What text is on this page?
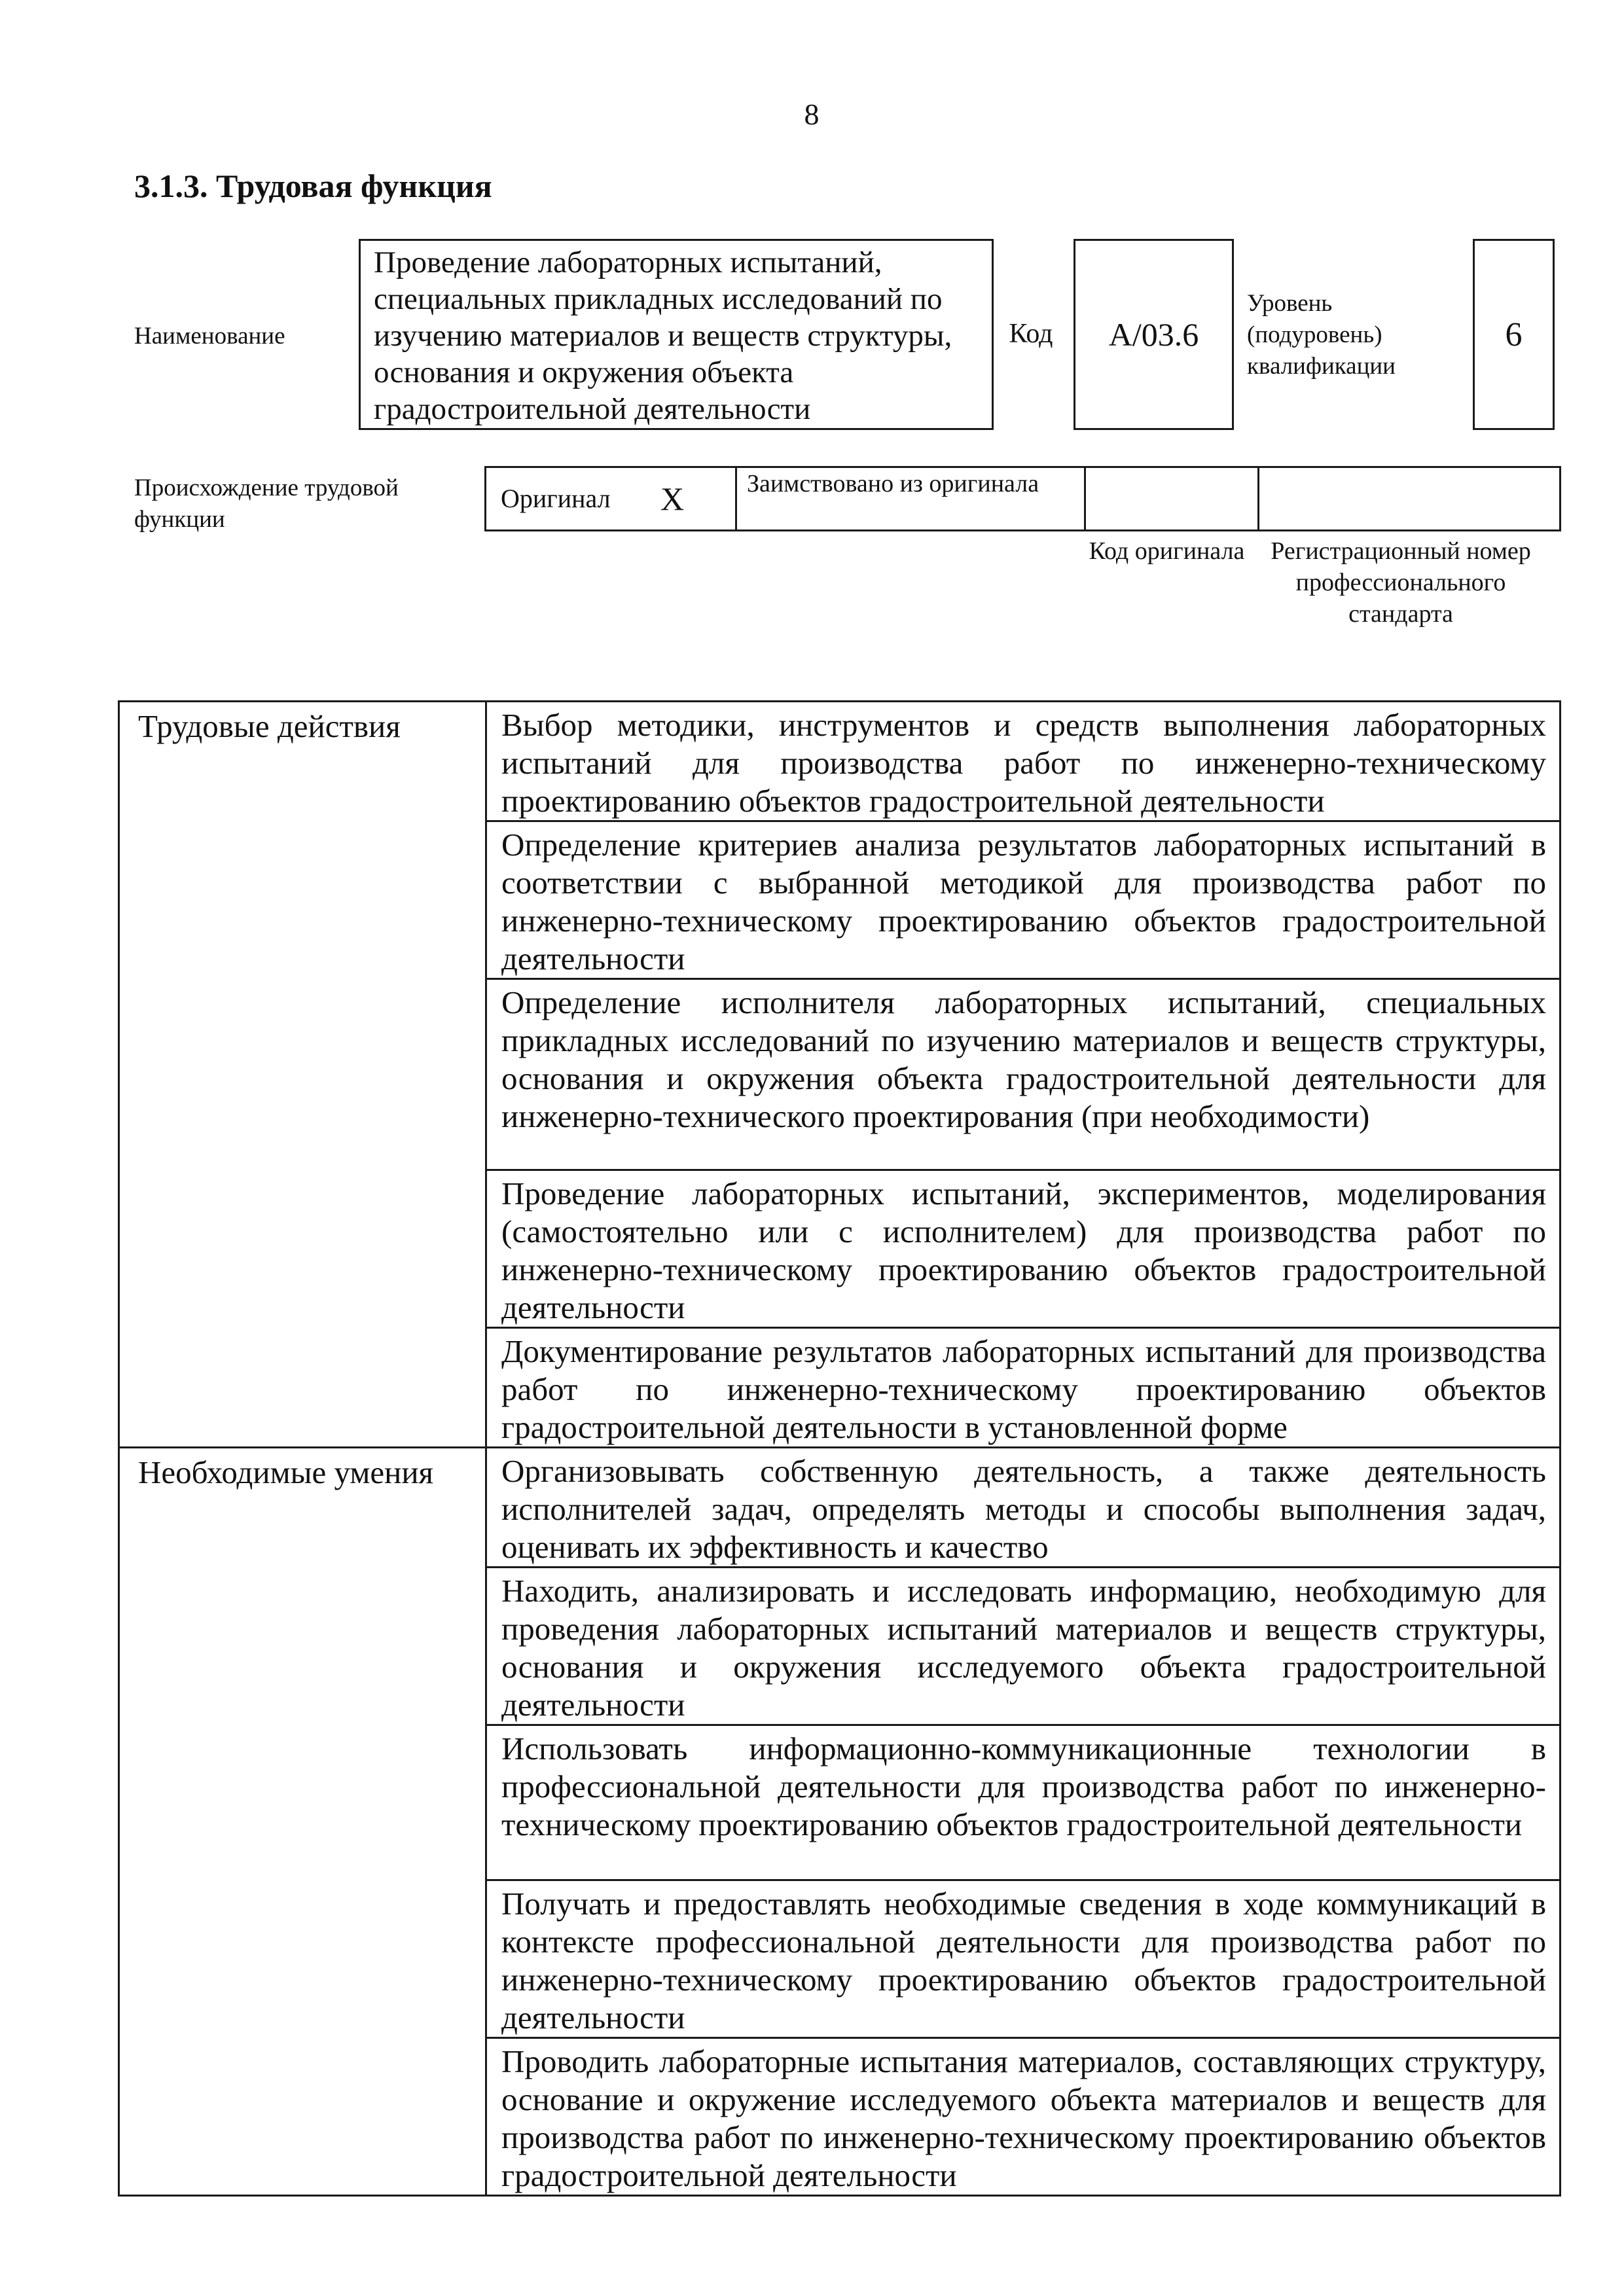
8
3.1.3. Трудовая функция
Наименование
Проведение лабораторных испытаний, специальных прикладных исследований по изучению материалов и веществ структуры, основания и окружения объекта градостроительной деятельности
Код	А/03.6
Уровень (подуровень) квалификации
6
Происхождение трудовой функции
Оригинал Х	Заимствовано из оригинала
Код оригинала Регистрационный номер профессионального стандарта
Трудовые действия	Выбор методики, инструментов и средств выполнения лабораторных испытаний для производства работ по инженерно-техническому проектированию объектов градостроительной деятельности
	Определение критериев анализа результатов лабораторных испытаний в соответствии с выбранной методикой для производства работ по инженерно-техническому проектированию объектов градостроительной деятельности
	Определение исполнителя лабораторных испытаний, специальных прикладных исследований по изучению материалов и веществ структуры, основания и окружения объекта градостроительной деятельности для инженерно-технического проектирования (при необходимости)
	Проведение лабораторных испытаний, экспериментов, моделирования (самостоятельно или с исполнителем) для производства работ по инженерно-техническому проектированию объектов градостроительной деятельности
	Документирование результатов лабораторных испытаний для производства работ по инженерно-техническому проектированию объектов градостроительной деятельности в установленной форме
Необходимые умения	Организовывать собственную деятельность, а также деятельность исполнителей задач, определять методы и способы выполнения задач, оценивать их эффективность и качество
	Находить, анализировать и исследовать информацию, необходимую для проведения лабораторных испытаний материалов и веществ структуры, основания и окружения исследуемого объекта градостроительной деятельности
	Использовать информационно-коммуникационные технологии в профессиональной деятельности для производства работ по инженерно-техническому проектированию объектов градостроительной деятельности
	Получать и предоставлять необходимые сведения в ходе коммуникаций в контексте профессиональной деятельности для производства работ по инженерно-техническому проектированию объектов градостроительной деятельности
	Проводить лабораторные испытания материалов, составляющих структуру, основание и окружение исследуемого объекта материалов и веществ для производства работ по инженерно-техническому проектированию объектов градостроительной деятельности
